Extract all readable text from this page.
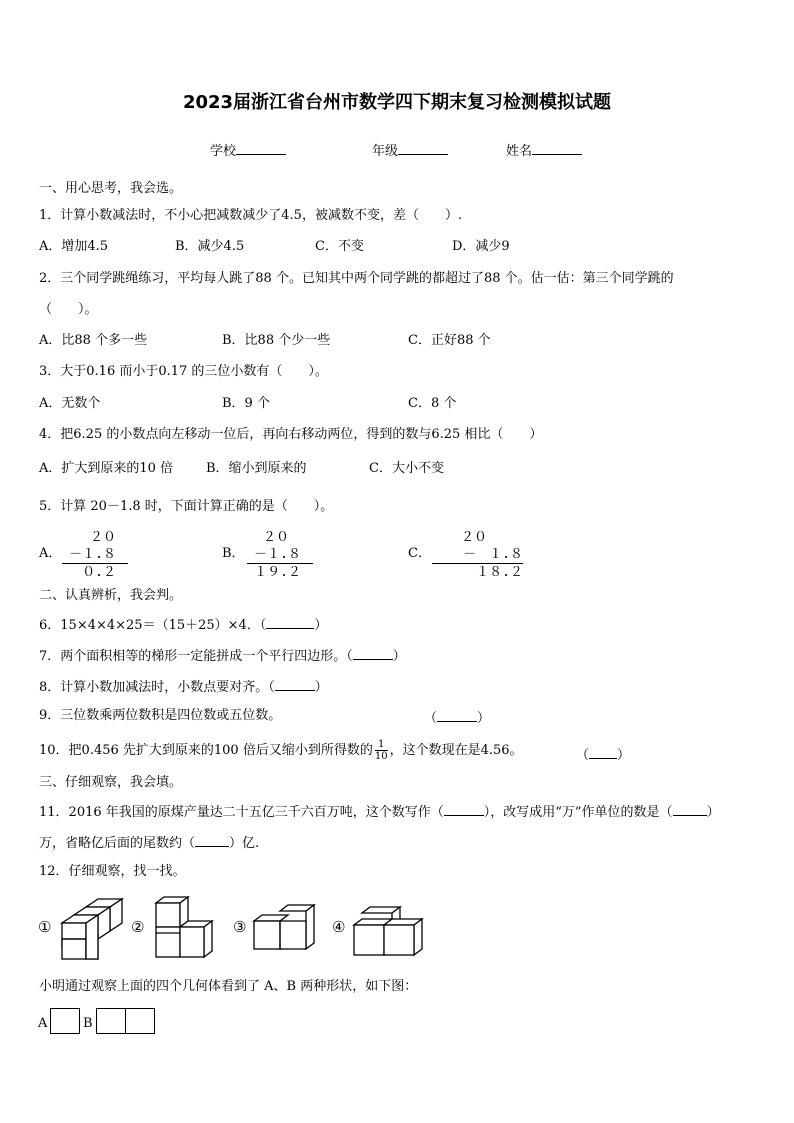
2023届浙江省台州市数学四下期末复习检测模拟试题
学校	年级	姓名
一、用心思考，我会选。
1．计算小数减法时，不小心把减数减少了4.5，被减数不变，差（　　）.
A．增加4.5	B．减少4.5	C．不变	D．减少9
2．三个同学跳绳练习，平均每人跳了88 个。已知其中两个同学跳的都超过了88 个。估一估：第三个同学跳的
（　　）。
A．比88 个多一些	B．比88 个少一些	C．正好88 个
3．大于0.16 而小于0.17 的三位小数有（　　）。
A．无数个	B．9 个	C．8 个
4．把6.25 的小数点向左移动一位后，再向右移动两位，得到的数与6.25 相比（　　）
A．扩大到原来的10 倍	B．缩小到原来的	C．大小不变
5．计算 20－1.8 时，下面计算正确的是（　　）。
A．
２０
－１.８
０.２
B．
２０
－１.８
１９.２
C．
２０
－　１.８
１８.２
二、认真辨析，我会判。
6．15×4×4×25＝（15＋25）×4．（	）
7．两个面积相等的梯形一定能拼成一个平行四边形。（	）
8．计算小数加减法时，小数点要对齐。（	）
9．三位数乘两位数积是四位数或五位数。	（	）
10．把0.456 先扩大到原来的100 倍后又缩小到所得数的 $\frac{1}{10}$ ，这个数现在是4.56。	（ ）
三、仔细观察，我会填。
11．2016 年我国的原煤产量达二十五亿三千六百万吨，这个数写作（	），改写成用“万”作单位的数是（	）
万，省略亿后面的尾数约（	）亿.
12．仔细观察，找一找。
①	②	③	④
小明通过观察上面的四个几何体看到了 A、B 两种形状，如下图：
A	B
